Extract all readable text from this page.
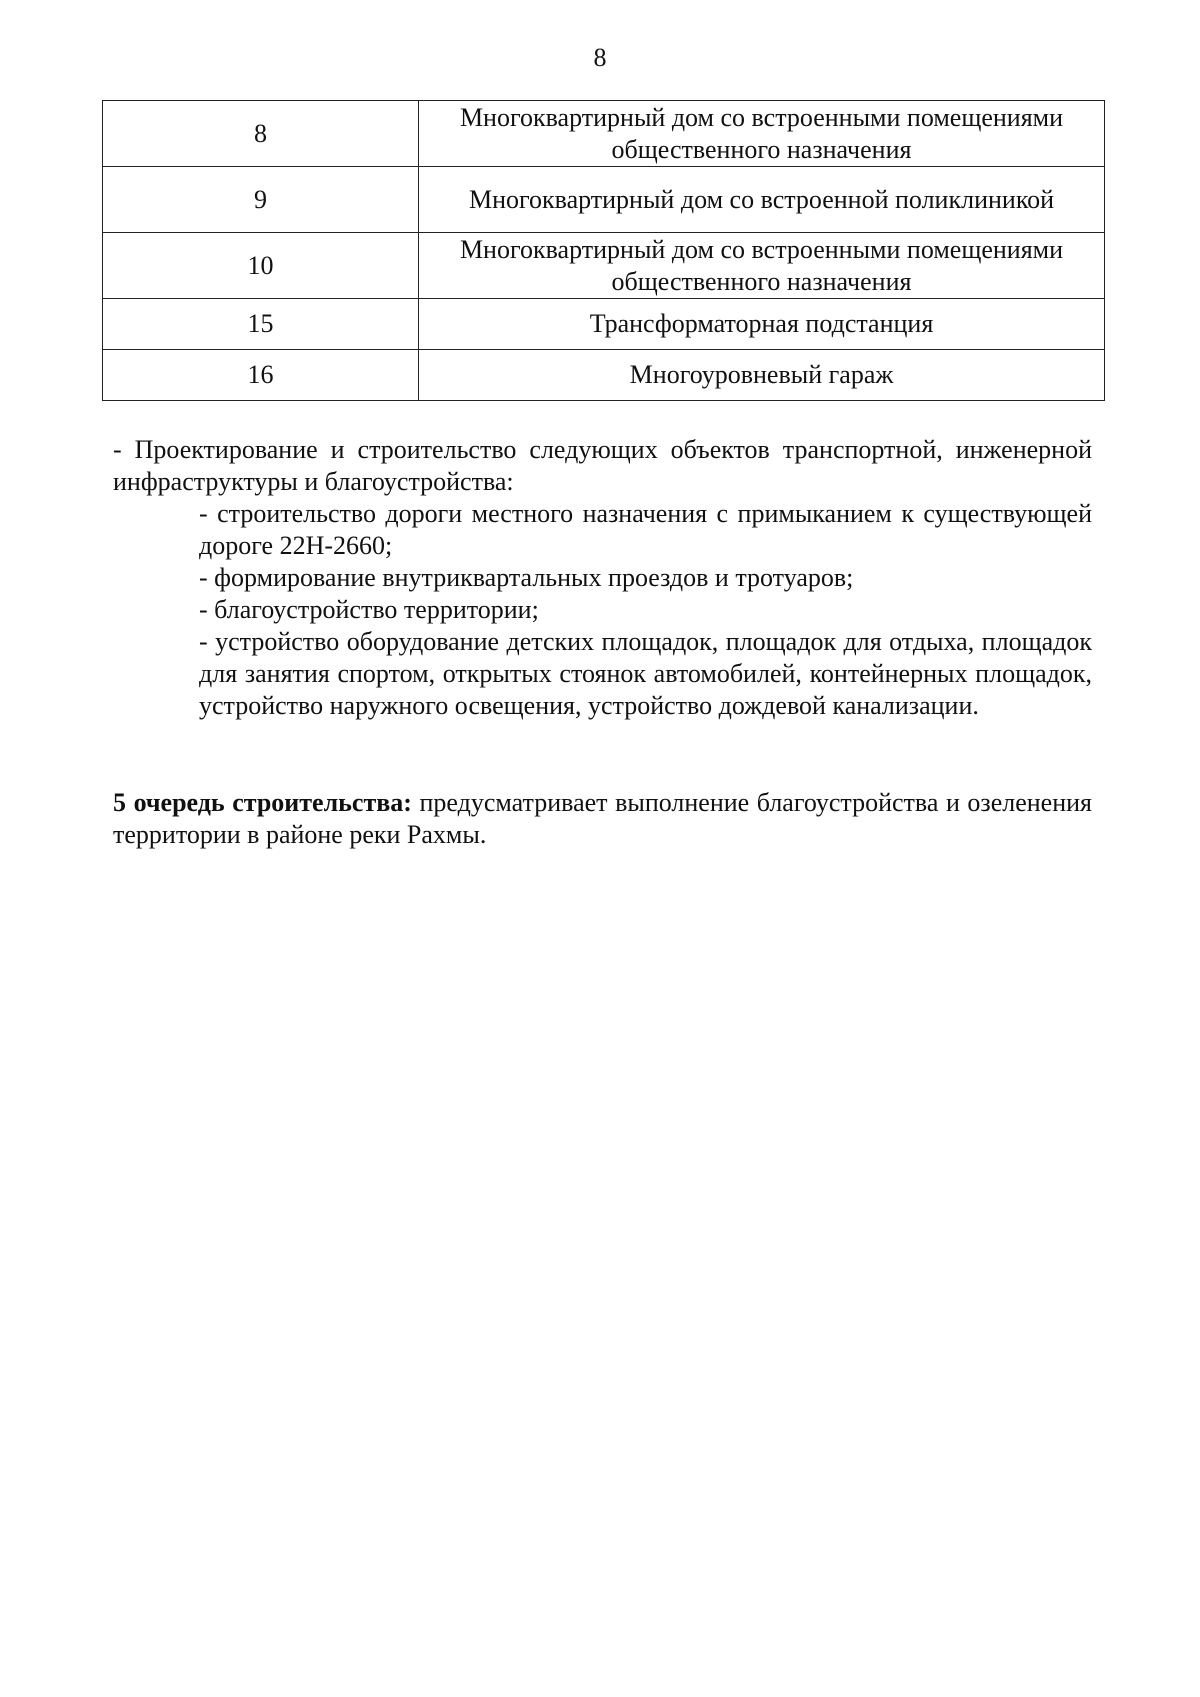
8
8	Многоквартирный дом со встроенными помещениями общественного назначения
9	Многоквартирный дом со встроенной поликлиникой
10	Многоквартирный дом со встроенными помещениями общественного назначения
15	Трансформаторная подстанция
16	Многоуровневый гараж
- Проектирование и строительство следующих объектов транспортной, инженерной инфраструктуры и благоустройства:
- строительство дороги местного назначения с примыканием к существующей дороге 22Н-2660;
- формирование внутриквартальных проездов и тротуаров;
- благоустройство территории;
- устройство оборудование детских площадок, площадок для отдыха, площадок для занятия спортом, открытых стоянок автомобилей, контейнерных площадок, устройство наружного освещения, устройство дождевой канализации.
5 очередь строительства: предусматривает выполнение благоустройства и озеленения территории в районе реки Рахмы.
